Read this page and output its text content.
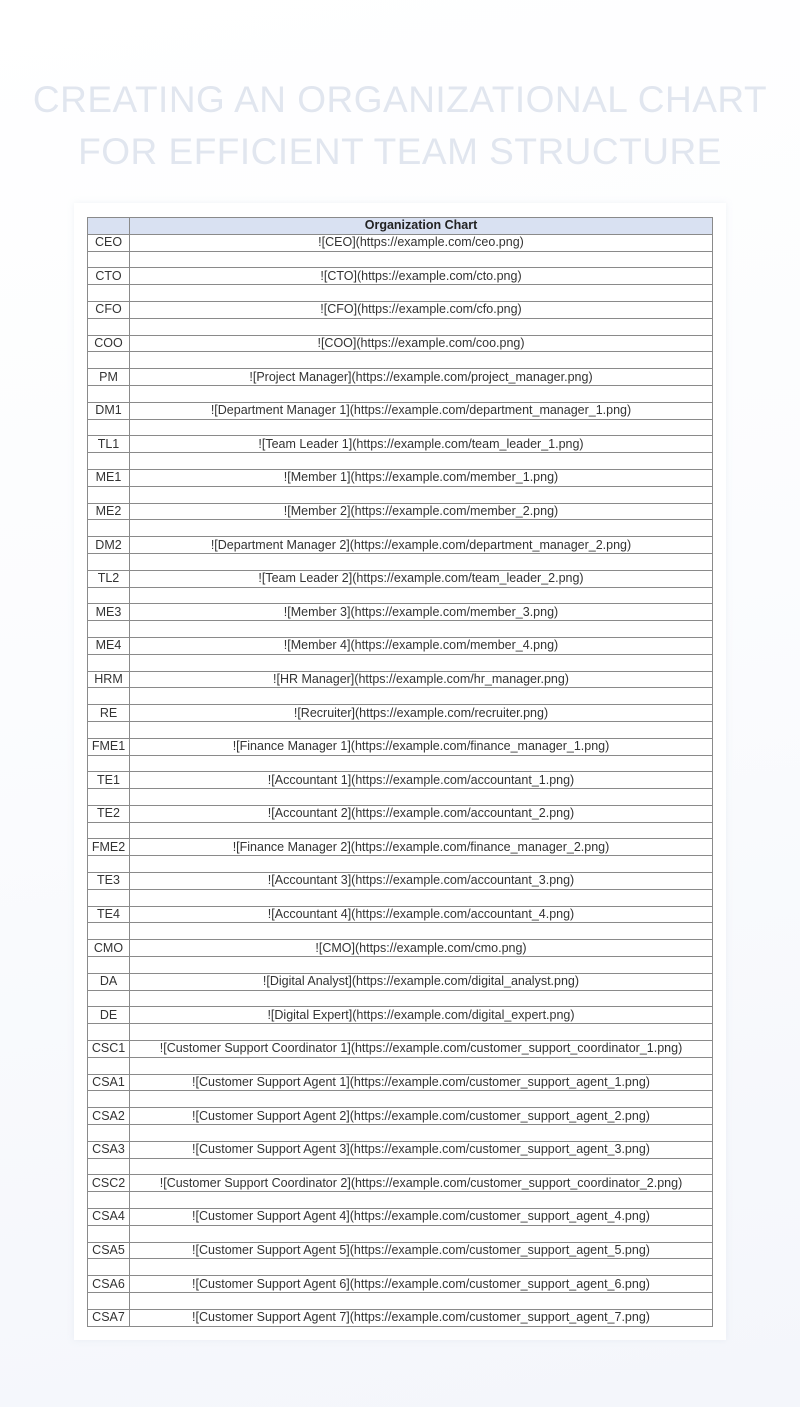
CREATING AN ORGANIZATIONAL CHART
FOR EFFICIENT TEAM STRUCTURE
	Organization Chart
CEO	![CEO](https://example.com/ceo.png)

CTO	![CTO](https://example.com/cto.png)

CFO	![CFO](https://example.com/cfo.png)

COO	![COO](https://example.com/coo.png)

PM	![Project Manager](https://example.com/project_manager.png)

DM1	![Department Manager 1](https://example.com/department_manager_1.png)

TL1	![Team Leader 1](https://example.com/team_leader_1.png)

ME1	![Member 1](https://example.com/member_1.png)

ME2	![Member 2](https://example.com/member_2.png)

DM2	![Department Manager 2](https://example.com/department_manager_2.png)

TL2	![Team Leader 2](https://example.com/team_leader_2.png)

ME3	![Member 3](https://example.com/member_3.png)

ME4	![Member 4](https://example.com/member_4.png)

HRM	![HR Manager](https://example.com/hr_manager.png)

RE	![Recruiter](https://example.com/recruiter.png)

FME1	![Finance Manager 1](https://example.com/finance_manager_1.png)

TE1	![Accountant 1](https://example.com/accountant_1.png)

TE2	![Accountant 2](https://example.com/accountant_2.png)

FME2	![Finance Manager 2](https://example.com/finance_manager_2.png)

TE3	![Accountant 3](https://example.com/accountant_3.png)

TE4	![Accountant 4](https://example.com/accountant_4.png)

CMO	![CMO](https://example.com/cmo.png)

DA	![Digital Analyst](https://example.com/digital_analyst.png)

DE	![Digital Expert](https://example.com/digital_expert.png)

CSC1	![Customer Support Coordinator 1](https://example.com/customer_support_coordinator_1.png)

CSA1	![Customer Support Agent 1](https://example.com/customer_support_agent_1.png)

CSA2	![Customer Support Agent 2](https://example.com/customer_support_agent_2.png)

CSA3	![Customer Support Agent 3](https://example.com/customer_support_agent_3.png)

CSC2	![Customer Support Coordinator 2](https://example.com/customer_support_coordinator_2.png)

CSA4	![Customer Support Agent 4](https://example.com/customer_support_agent_4.png)

CSA5	![Customer Support Agent 5](https://example.com/customer_support_agent_5.png)

CSA6	![Customer Support Agent 6](https://example.com/customer_support_agent_6.png)

CSA7	![Customer Support Agent 7](https://example.com/customer_support_agent_7.png)
